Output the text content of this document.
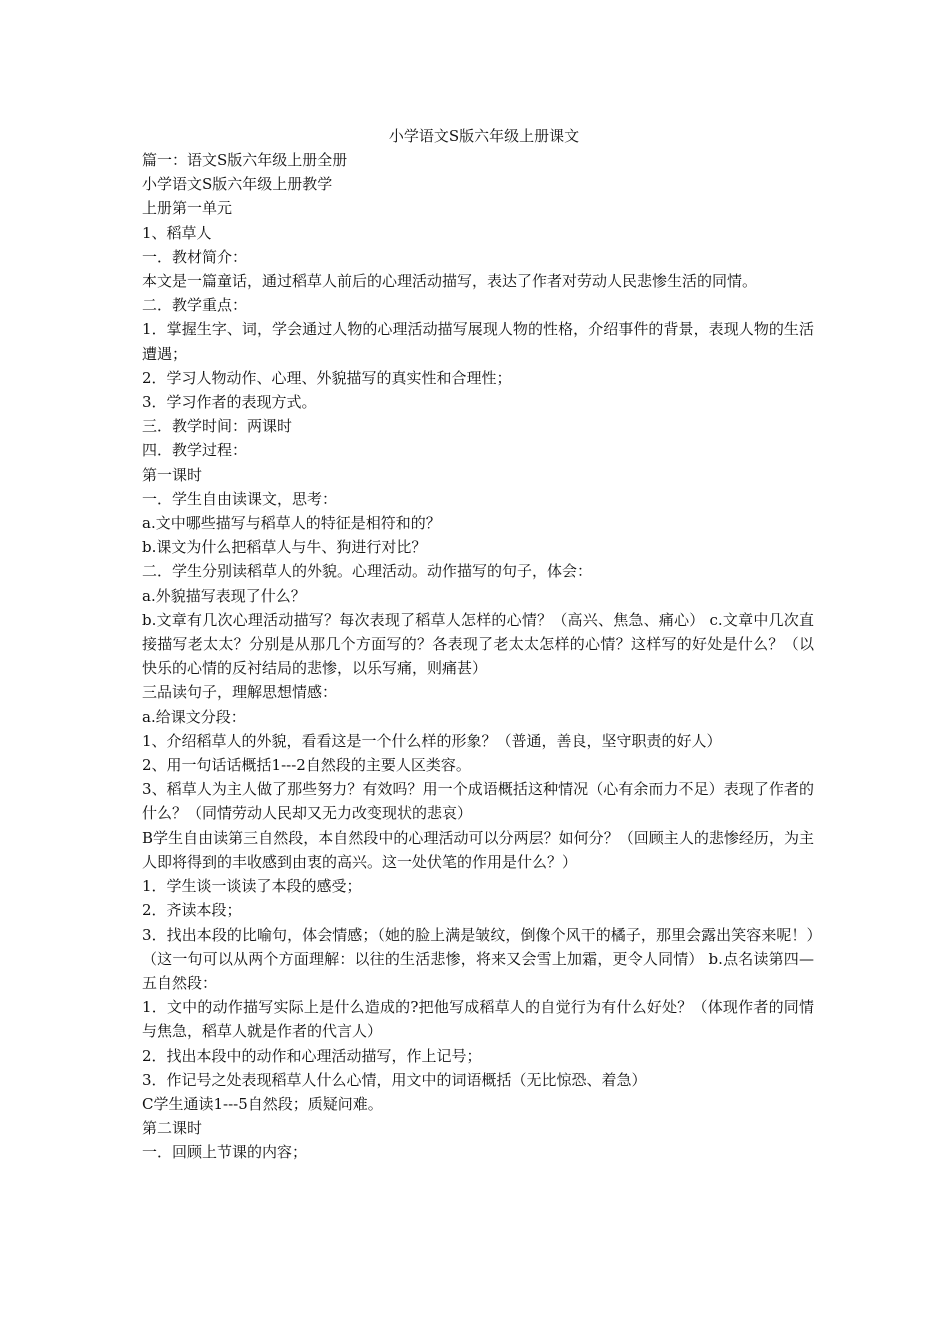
小学语文S版六年级上册课文

篇一：语文S版六年级上册全册

小学语文S版六年级上册教学

上册第一单元

1、稻草人

一．教材简介：

本文是一篇童话，通过稻草人前后的心理活动描写，表达了作者对劳动人民悲惨生活的同情。

二．教学重点：

1．掌握生字、词，学会通过人物的心理活动描写展现人物的性格，介绍事件的背景，表现人物的生活遭遇；

2．学习人物动作、心理、外貌描写的真实性和合理性；

3．学习作者的表现方式。

三．教学时间：两课时

四．教学过程：

第一课时

一．学生自由读课文，思考：

a.文中哪些描写与稻草人的特征是相符和的？

b.课文为什么把稻草人与牛、狗进行对比？

二．学生分别读稻草人的外貌。心理活动。动作描写的句子，体会：

a.外貌描写表现了什么？

b.文章有几次心理活动描写？每次表现了稻草人怎样的心情？（高兴、焦急、痛心） c.文章中几次直接描写老太太？分别是从那几个方面写的？各表现了老太太怎样的心情？这样写的好处是什么？（以快乐的心情的反衬结局的悲惨，以乐写痛，则痛甚）

三品读句子，理解思想情感：

a.给课文分段：

1、介绍稻草人的外貌，看看这是一个什么样的形象？（普通，善良，坚守职责的好人）

2、用一句话话概括1---2自然段的主要人区类容。

3、稻草人为主人做了那些努力？有效吗？用一个成语概括这种情况（心有余而力不足）表现了作者的什么？（同情劳动人民却又无力改变现状的悲哀）

B学生自由读第三自然段，本自然段中的心理活动可以分两层？如何分？（回顾主人的悲惨经历，为主人即将得到的丰收感到由衷的高兴。这一处伏笔的作用是什么？）

1．学生谈一谈读了本段的感受；

2．齐读本段；

3．找出本段的比喻句，体会情感；（她的脸上满是皱纹，倒像个风干的橘子，那里会露出笑容来呢！）（这一句可以从两个方面理解：以往的生活悲惨，将来又会雪上加霜，更令人同情） b.点名读第四—五自然段：

1．文中的动作描写实际上是什么造成的?把他写成稻草人的自觉行为有什么好处？（体现作者的同情与焦急，稻草人就是作者的代言人）

2．找出本段中的动作和心理活动描写，作上记号；

3．作记号之处表现稻草人什么心情，用文中的词语概括（无比惊恐、着急）

C学生通读1---5自然段；质疑问难。

第二课时

一．回顾上节课的内容；
